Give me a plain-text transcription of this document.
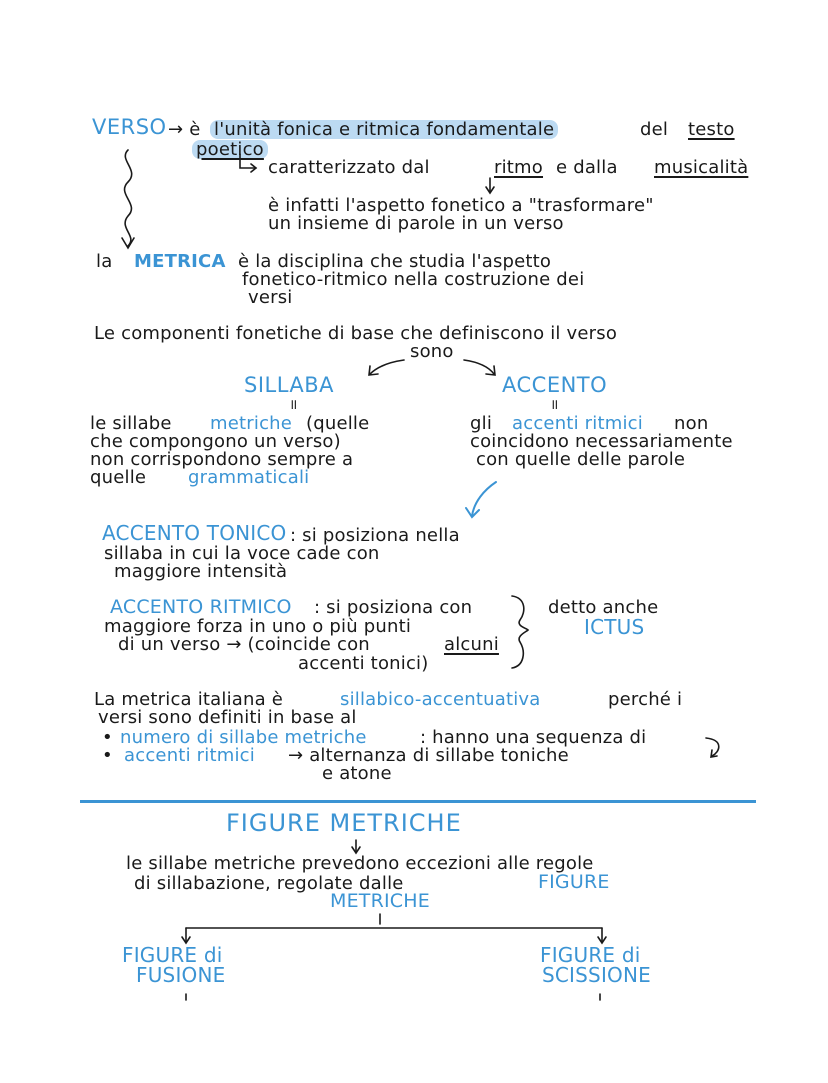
VERSO → è l'unità fonica e ritmica fondamentale	del testo
poetico
caratterizzato dal	ritmo e dalla musicalità
è infatti l'aspetto fonetico a "trasformare"
un insieme di parole in un verso
la METRICA è la disciplina che studia l'aspetto
fonetico-ritmico nella costruzione dei
versi
Le componenti fonetiche di base che definiscono il verso
sono
SILLABA
॥
le sillabe metriche (quelle
che compongono un verso)
non corrispondono sempre a
quelle grammaticali
ACCENTO
॥
gli accenti ritmici non
coincidono necessariamente
con quelle delle parole
ACCENTO TONICO : si posiziona nella
sillaba in cui la voce cade con
maggiore intensità
ACCENTO RITMICO : si posiziona con
maggiore forza in uno o più punti
di un verso → (coincide con	alcuni
accenti tonici)
detto anche
ICTUS
La metrica italiana è	sillabico-accentuativa	perché i
versi sono definiti in base al
• numero di sillabe metriche	: hanno una sequenza di
• accenti ritmici → alternanza di sillabe toniche
e atone
FIGURE METRICHE
le sillabe metriche prevedono eccezioni alle regole
di sillabazione, regolate dalle	FIGURE
METRICHE
FIGURE di
FUSIONE
FIGURE di
SCISSIONE
